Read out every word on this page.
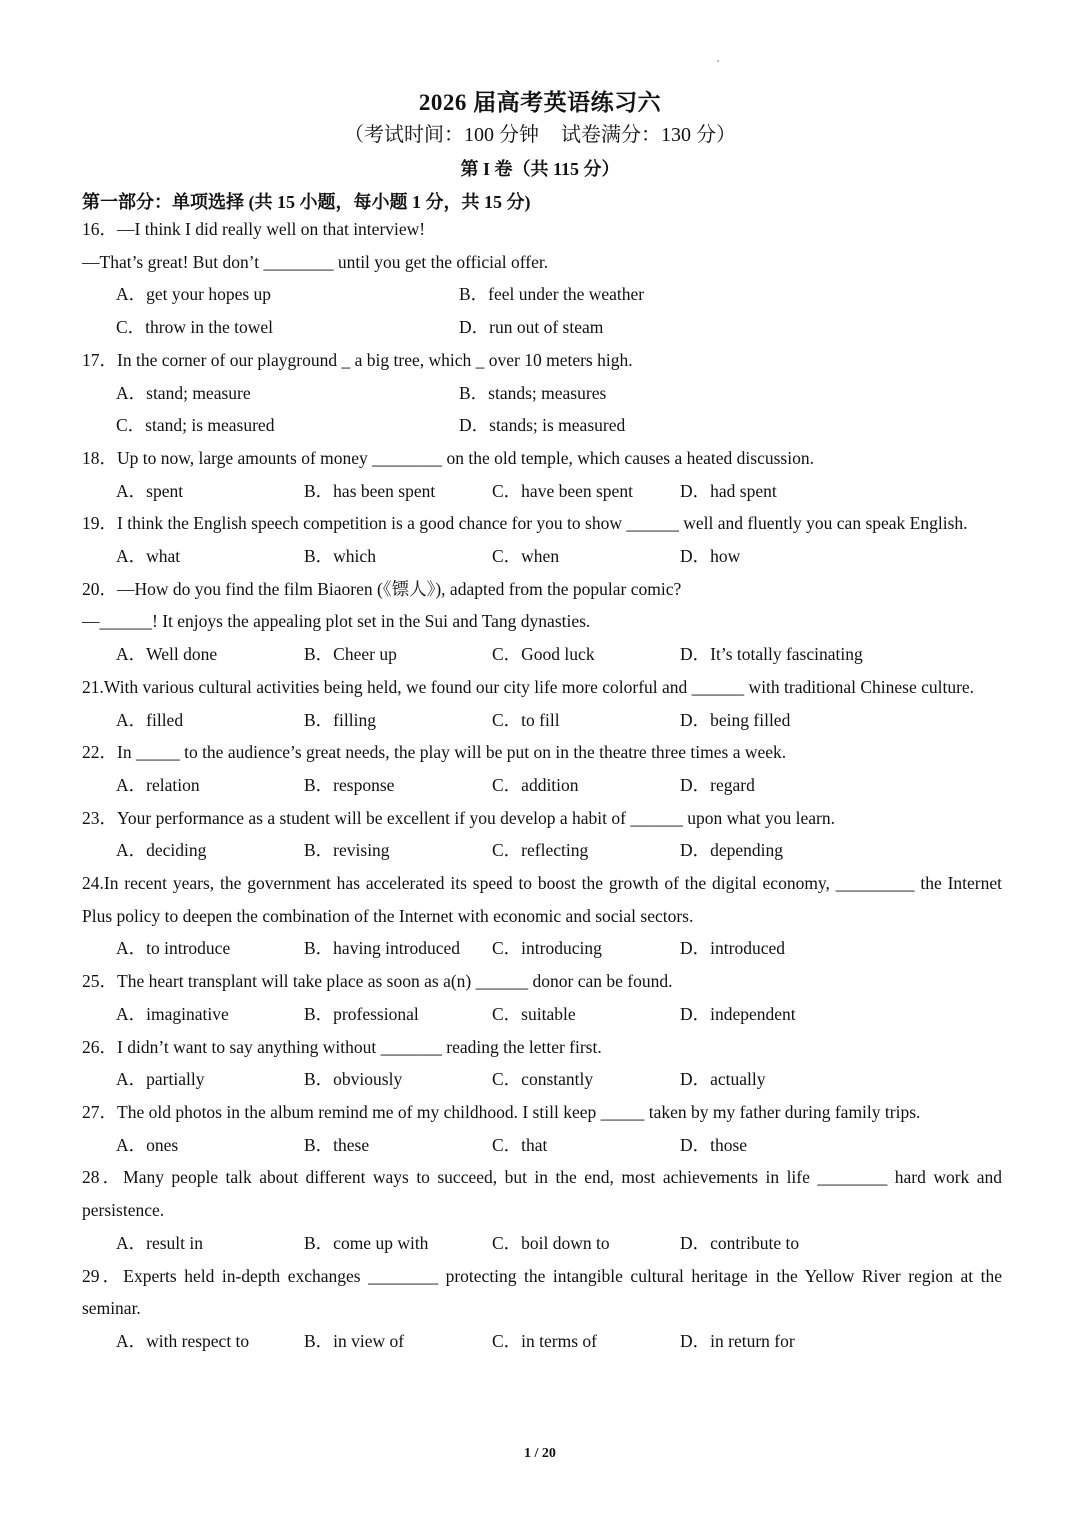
2026 届高考英语练习六
（考试时间：100 分钟 试卷满分：130 分）
第 I 卷（共 115 分）
第一部分：单项选择 (共 15 小题，每小题 1 分，共 15 分)
16．—I think I did really well on that interview!
—That’s great! But don’t ________ until you get the official offer.
A．get your hopes up	B．feel under the weather
C．throw in the towel	D．run out of steam
17．In the corner of our playground _ a big tree, which _ over 10 meters high.
A．stand; measure	B．stands; measures
C．stand; is measured	D．stands; is measured
18．Up to now, large amounts of money ________ on the old temple, which causes a heated discussion.
A．spent	B．has been spent	C．have been spent	D．had spent
19．I think the English speech competition is a good chance for you to show ______ well and fluently you can speak English.
A．what	B．which	C．when	D．how
20．—How do you find the film Biaoren (《镖人》), adapted from the popular comic?
—______! It enjoys the appealing plot set in the Sui and Tang dynasties.
A．Well done	B．Cheer up	C．Good luck	D．It’s totally fascinating
21.With various cultural activities being held, we found our city life more colorful and ______ with traditional Chinese culture.
A．filled	B．filling	C．to fill	D．being filled
22．In _____ to the audience’s great needs, the play will be put on in the theatre three times a week.
A．relation	B．response	C．addition	D．regard
23．Your performance as a student will be excellent if you develop a habit of ______ upon what you learn.
A．deciding	B．revising	C．reflecting	D．depending
24.In recent years, the government has accelerated its speed to boost the growth of the digital economy, _________ the Internet Plus policy to deepen the combination of the Internet with economic and social sectors.
A．to introduce	B．having introduced	C．introducing	D．introduced
25．The heart transplant will take place as soon as a(n) ______ donor can be found.
A．imaginative	B．professional	C．suitable	D．independent
26．I didn’t want to say anything without _______ reading the letter first.
A．partially	B．obviously	C．constantly	D．actually
27．The old photos in the album remind me of my childhood. I still keep _____ taken by my father during family trips.
A．ones	B．these	C．that	D．those
28．Many people talk about different ways to succeed, but in the end, most achievements in life ________ hard work and persistence.
A．result in	B．come up with	C．boil down to	D．contribute to
29．Experts held in-depth exchanges ________ protecting the intangible cultural heritage in the Yellow River region at the seminar.
A．with respect to	B．in view of	C．in terms of	D．in return for
1 / 20
